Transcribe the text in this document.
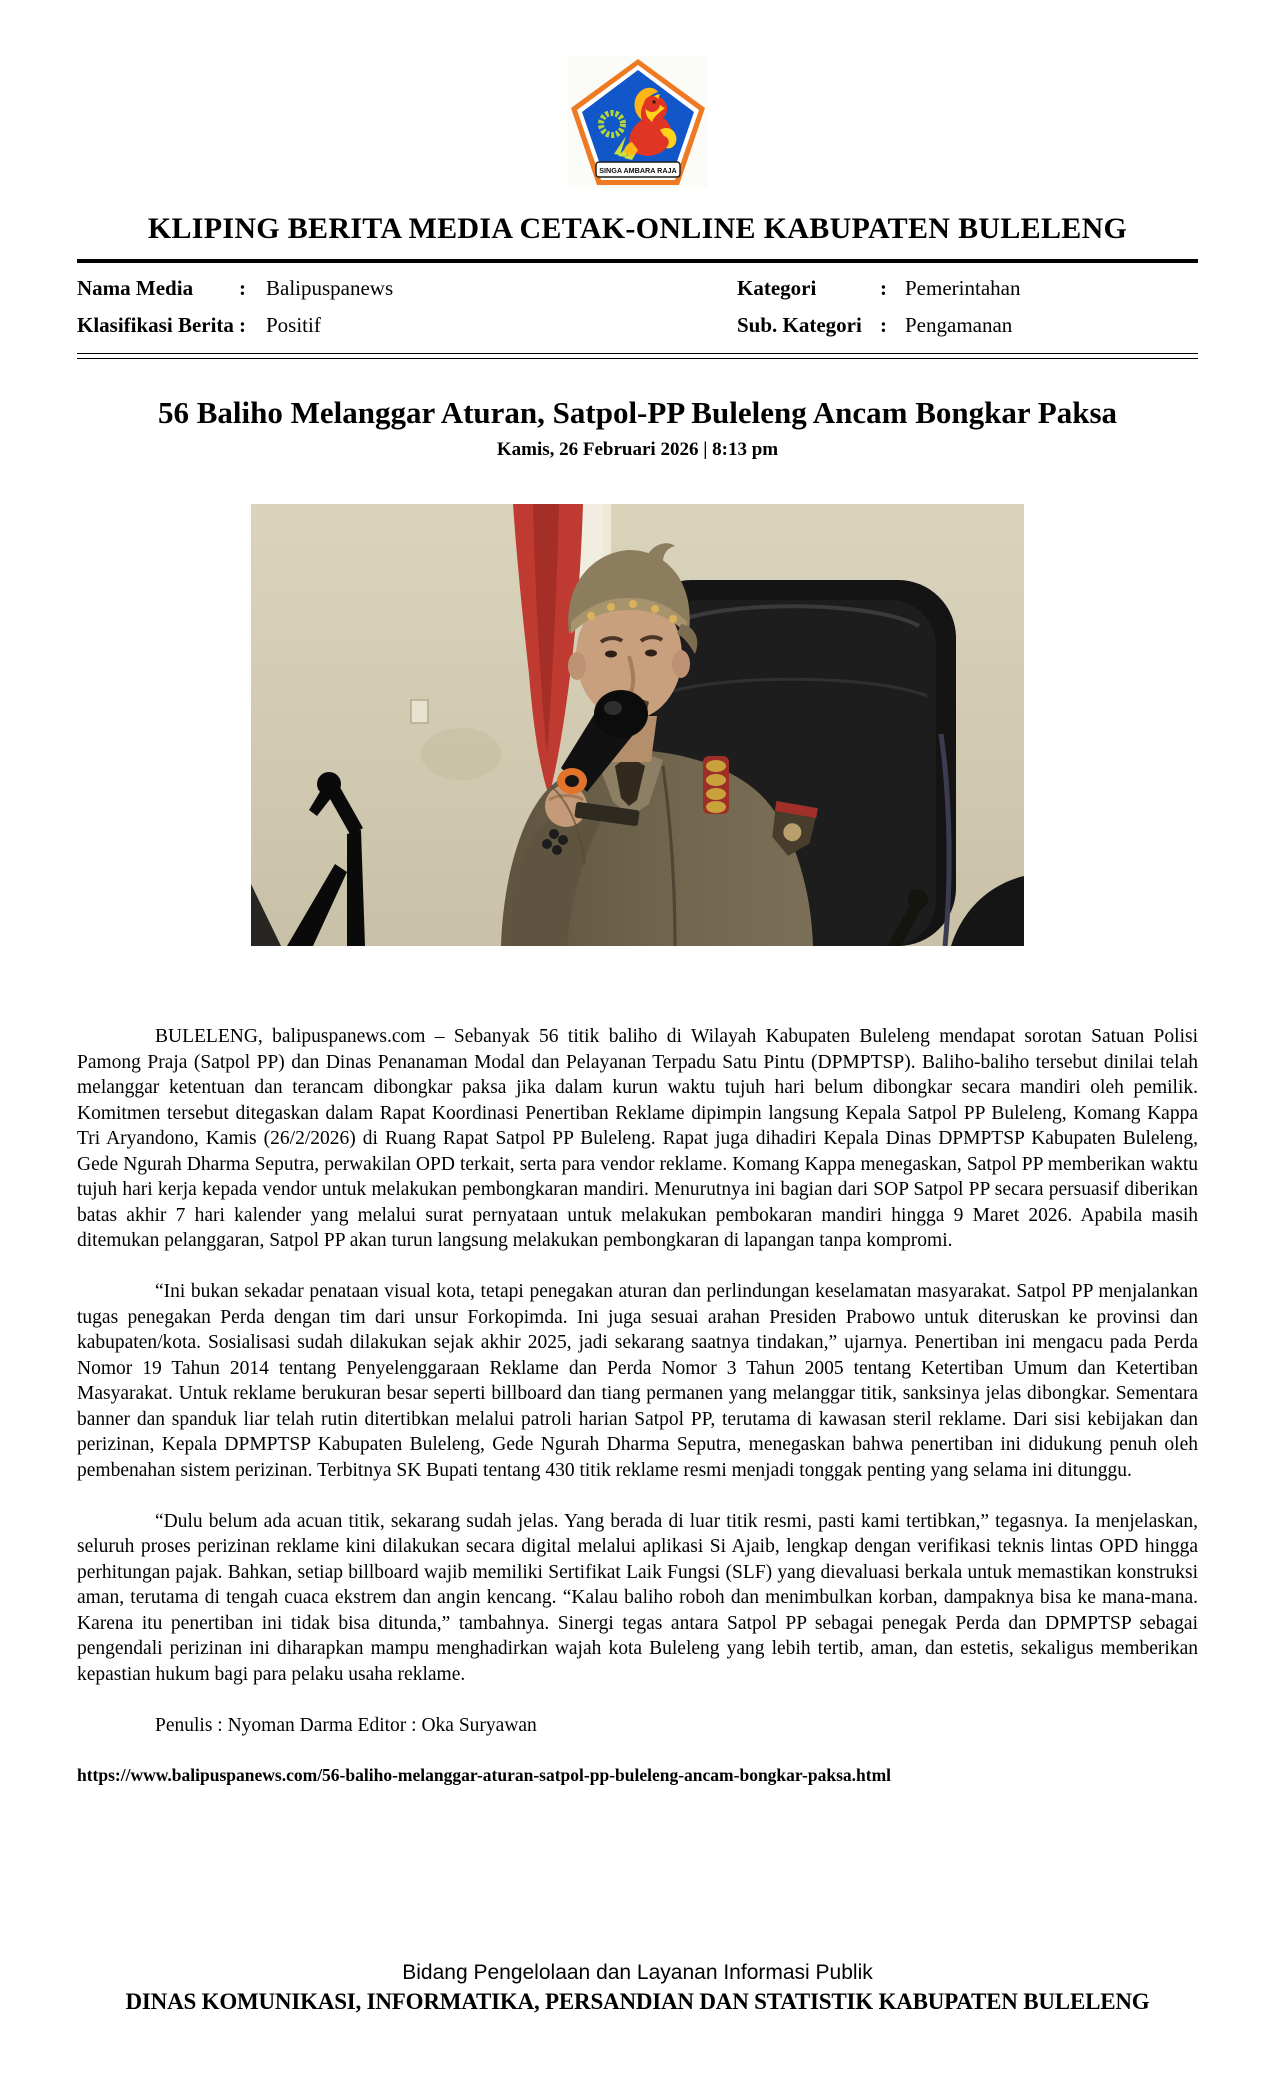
SINGA AMBARA RAJA
KLIPING BERITA MEDIA CETAK-ONLINE KABUPATEN BULELENG
Nama Media	: Balipuspanews	Kategori	: Pemerintahan
Klasifikasi Berita : Positif	Sub. Kategori : Pengamanan
56 Baliho Melanggar Aturan, Satpol-PP Buleleng Ancam Bongkar Paksa
Kamis, 26 Februari 2026 | 8:13 pm

BULELENG, balipuspanews.com – Sebanyak 56 titik baliho di Wilayah Kabupaten Buleleng mendapat sorotan Satuan Polisi Pamong Praja (Satpol PP) dan Dinas Penanaman Modal dan Pelayanan Terpadu Satu Pintu (DPMPTSP). Baliho-baliho tersebut dinilai telah melanggar ketentuan dan terancam dibongkar paksa jika dalam kurun waktu tujuh hari belum dibongkar secara mandiri oleh pemilik. Komitmen tersebut ditegaskan dalam Rapat Koordinasi Penertiban Reklame dipimpin langsung Kepala Satpol PP Buleleng, Komang Kappa Tri Aryandono, Kamis (26/2/2026) di Ruang Rapat Satpol PP Buleleng. Rapat juga dihadiri Kepala Dinas DPMPTSP Kabupaten Buleleng, Gede Ngurah Dharma Seputra, perwakilan OPD terkait, serta para vendor reklame. Komang Kappa menegaskan, Satpol PP memberikan waktu tujuh hari kerja kepada vendor untuk melakukan pembongkaran mandiri. Menurutnya ini bagian dari SOP Satpol PP secara persuasif diberikan batas akhir 7 hari kalender yang melalui surat pernyataan untuk melakukan pembokaran mandiri hingga 9 Maret 2026. Apabila masih ditemukan pelanggaran, Satpol PP akan turun langsung melakukan pembongkaran di lapangan tanpa kompromi.

“Ini bukan sekadar penataan visual kota, tetapi penegakan aturan dan perlindungan keselamatan masyarakat. Satpol PP menjalankan tugas penegakan Perda dengan tim dari unsur Forkopimda. Ini juga sesuai arahan Presiden Prabowo untuk diteruskan ke provinsi dan kabupaten/kota. Sosialisasi sudah dilakukan sejak akhir 2025, jadi sekarang saatnya tindakan,” ujarnya. Penertiban ini mengacu pada Perda Nomor 19 Tahun 2014 tentang Penyelenggaraan Reklame dan Perda Nomor 3 Tahun 2005 tentang Ketertiban Umum dan Ketertiban Masyarakat. Untuk reklame berukuran besar seperti billboard dan tiang permanen yang melanggar titik, sanksinya jelas dibongkar. Sementara banner dan spanduk liar telah rutin ditertibkan melalui patroli harian Satpol PP, terutama di kawasan steril reklame. Dari sisi kebijakan dan perizinan, Kepala DPMPTSP Kabupaten Buleleng, Gede Ngurah Dharma Seputra, menegaskan bahwa penertiban ini didukung penuh oleh pembenahan sistem perizinan. Terbitnya SK Bupati tentang 430 titik reklame resmi menjadi tonggak penting yang selama ini ditunggu.

“Dulu belum ada acuan titik, sekarang sudah jelas. Yang berada di luar titik resmi, pasti kami tertibkan,” tegasnya. Ia menjelaskan, seluruh proses perizinan reklame kini dilakukan secara digital melalui aplikasi Si Ajaib, lengkap dengan verifikasi teknis lintas OPD hingga perhitungan pajak. Bahkan, setiap billboard wajib memiliki Sertifikat Laik Fungsi (SLF) yang dievaluasi berkala untuk memastikan konstruksi aman, terutama di tengah cuaca ekstrem dan angin kencang. “Kalau baliho roboh dan menimbulkan korban, dampaknya bisa ke mana-mana. Karena itu penertiban ini tidak bisa ditunda,” tambahnya. Sinergi tegas antara Satpol PP sebagai penegak Perda dan DPMPTSP sebagai pengendali perizinan ini diharapkan mampu menghadirkan wajah kota Buleleng yang lebih tertib, aman, dan estetis, sekaligus memberikan kepastian hukum bagi para pelaku usaha reklame.

Penulis : Nyoman Darma Editor : Oka Suryawan

https://www.balipuspanews.com/56-baliho-melanggar-aturan-satpol-pp-buleleng-ancam-bongkar-paksa.html
Bidang Pengelolaan dan Layanan Informasi Publik
DINAS KOMUNIKASI, INFORMATIKA, PERSANDIAN DAN STATISTIK KABUPATEN BULELENG
